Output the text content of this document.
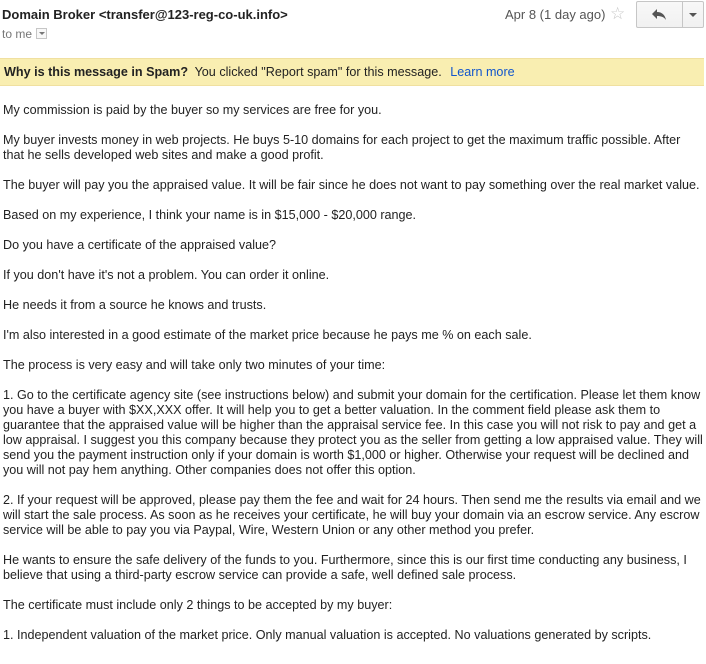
Domain Broker <transfer@123-reg-co-uk.info>
to me
Apr 8 (1 day ago) ☆
Why is this message in Spam? You clicked "Report spam" for this message. Learn more

My commission is paid by the buyer so my services are free for you.

My buyer invests money in web projects. He buys 5-10 domains for each project to get the maximum traffic possible. After that he sells developed web sites and make a good profit.

The buyer will pay you the appraised value. It will be fair since he does not want to pay something over the real market value.

Based on my experience, I think your name is in $15,000 - $20,000 range.

Do you have a certificate of the appraised value?

If you don't have it's not a problem. You can order it online.

He needs it from a source he knows and trusts.

I'm also interested in a good estimate of the market price because he pays me % on each sale.

The process is very easy and will take only two minutes of your time:

1. Go to the certificate agency site (see instructions below) and submit your domain for the certification. Please let them know you have a buyer with $XX,XXX offer. It will help you to get a better valuation. In the comment field please ask them to guarantee that the appraised value will be higher than the appraisal service fee. In this case you will not risk to pay and get a low appraisal. I suggest you this company because they protect you as the seller from getting a low appraised value. They will send you the payment instruction only if your domain is worth $1,000 or higher. Otherwise your request will be declined and you will not pay hem anything. Other companies does not offer this option.

2. If your request will be approved, please pay them the fee and wait for 24 hours. Then send me the results via email and we will start the sale process. As soon as he receives your certificate, he will buy your domain via an escrow service. Any escrow service will be able to pay you via Paypal, Wire, Western Union or any other method you prefer.

He wants to ensure the safe delivery of the funds to you. Furthermore, since this is our first time conducting any business, I believe that using a third-party escrow service can provide a safe, well defined sale process.

The certificate must include only 2 things to be accepted by my buyer:

1. Independent valuation of the market price. Only manual valuation is accepted. No valuations generated by scripts.
